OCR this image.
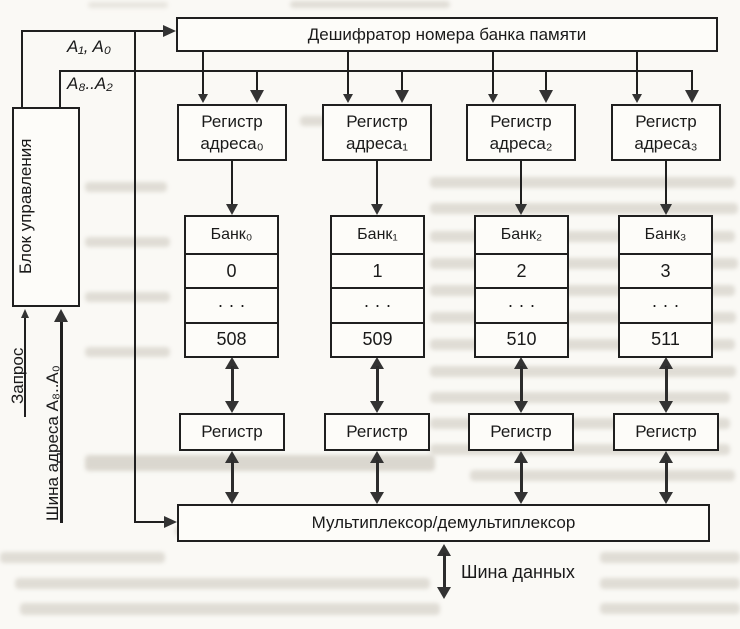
Дешифратор номера банка памяти
Блок управления
Регистр
адреса₀
Регистр
адреса₁
Регистр
адреса₂
Регистр
адреса₃
Банк₀
0
· · ·
508
Банк₁
1
· · ·
509
Банк₂
2
· · ·
510
Банк₃
3
· · ·
511
Регистр	Регистр	Регистр	Регистр
Мультиплексор/демультиплексор
A₁, A₀
A₈..A₂
Запрос Шина адреса A₈..A₀
Шина данных
